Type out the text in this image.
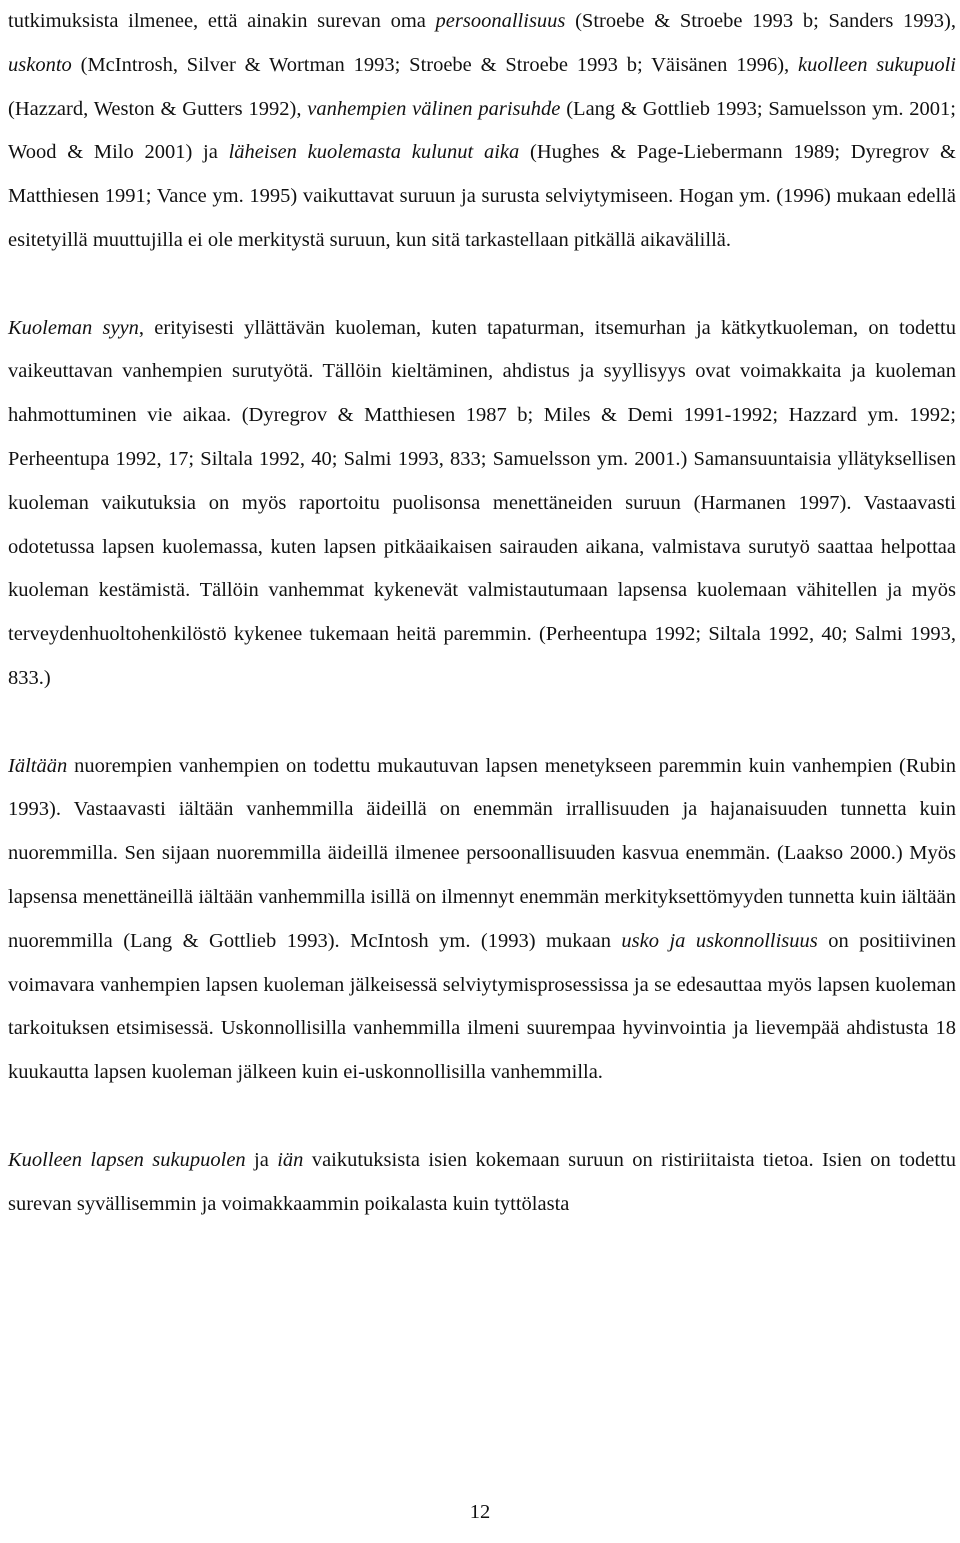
tutkimuksista ilmenee, että ainakin surevan oma persoonallisuus (Stroebe & Stroebe 1993 b; Sanders 1993), uskonto (McIntrosh, Silver & Wortman 1993; Stroebe & Stroebe 1993 b; Väisänen 1996), kuolleen sukupuoli (Hazzard, Weston & Gutters 1992), vanhempien välinen parisuhde (Lang & Gottlieb 1993; Samuelsson ym. 2001; Wood & Milo 2001) ja läheisen kuolemasta kulunut aika (Hughes & Page-Liebermann 1989; Dyregrov & Matthiesen 1991; Vance ym. 1995) vaikuttavat suruun ja surusta selviytymiseen. Hogan ym. (1996) mukaan edellä esitetyillä muuttujilla ei ole merkitystä suruun, kun sitä tarkastellaan pitkällä aikavälillä.

Kuoleman syyn, erityisesti yllättävän kuoleman, kuten tapaturman, itsemurhan ja kätkytkuoleman, on todettu vaikeuttavan vanhempien surutyötä. Tällöin kieltäminen, ahdistus ja syyllisyys ovat voimakkaita ja kuoleman hahmottuminen vie aikaa. (Dyregrov & Matthiesen 1987 b; Miles & Demi 1991-1992; Hazzard ym. 1992; Perheentupa 1992, 17; Siltala 1992, 40; Salmi 1993, 833; Samuelsson ym. 2001.) Samansuuntaisia yllätyksellisen kuoleman vaikutuksia on myös raportoitu puolisonsa menettäneiden suruun (Harmanen 1997). Vastaavasti odotetussa lapsen kuolemassa, kuten lapsen pitkäaikaisen sairauden aikana, valmistava surutyö saattaa helpottaa kuoleman kestämistä. Tällöin vanhemmat kykenevät valmistautumaan lapsensa kuolemaan vähitellen ja myös terveydenhuoltohenkilöstö kykenee tukemaan heitä paremmin. (Perheentupa 1992; Siltala 1992, 40; Salmi 1993, 833.)

Iältään nuorempien vanhempien on todettu mukautuvan lapsen menetykseen paremmin kuin vanhempien (Rubin 1993). Vastaavasti iältään vanhemmilla äideillä on enemmän irrallisuuden ja hajanaisuuden tunnetta kuin nuoremmilla. Sen sijaan nuoremmilla äideillä ilmenee persoonallisuuden kasvua enemmän. (Laakso 2000.) Myös lapsensa menettäneillä iältään vanhemmilla isillä on ilmennyt enemmän merkityksettömyyden tunnetta kuin iältään nuoremmilla (Lang & Gottlieb 1993). McIntosh ym. (1993) mukaan usko ja uskonnollisuus on positiivinen voimavara vanhempien lapsen kuoleman jälkeisessä selviytymisprosessissa ja se edesauttaa myös lapsen kuoleman tarkoituksen etsimisessä. Uskonnollisilla vanhemmilla ilmeni suurempaa hyvinvointia ja lievempää ahdistusta 18 kuukautta lapsen kuoleman jälkeen kuin ei-uskonnollisilla vanhemmilla.

Kuolleen lapsen sukupuolen ja iän vaikutuksista isien kokemaan suruun on ristiriitaista tietoa. Isien on todettu surevan syvällisemmin ja voimakkaammin poikalasta kuin tyttölasta

12
